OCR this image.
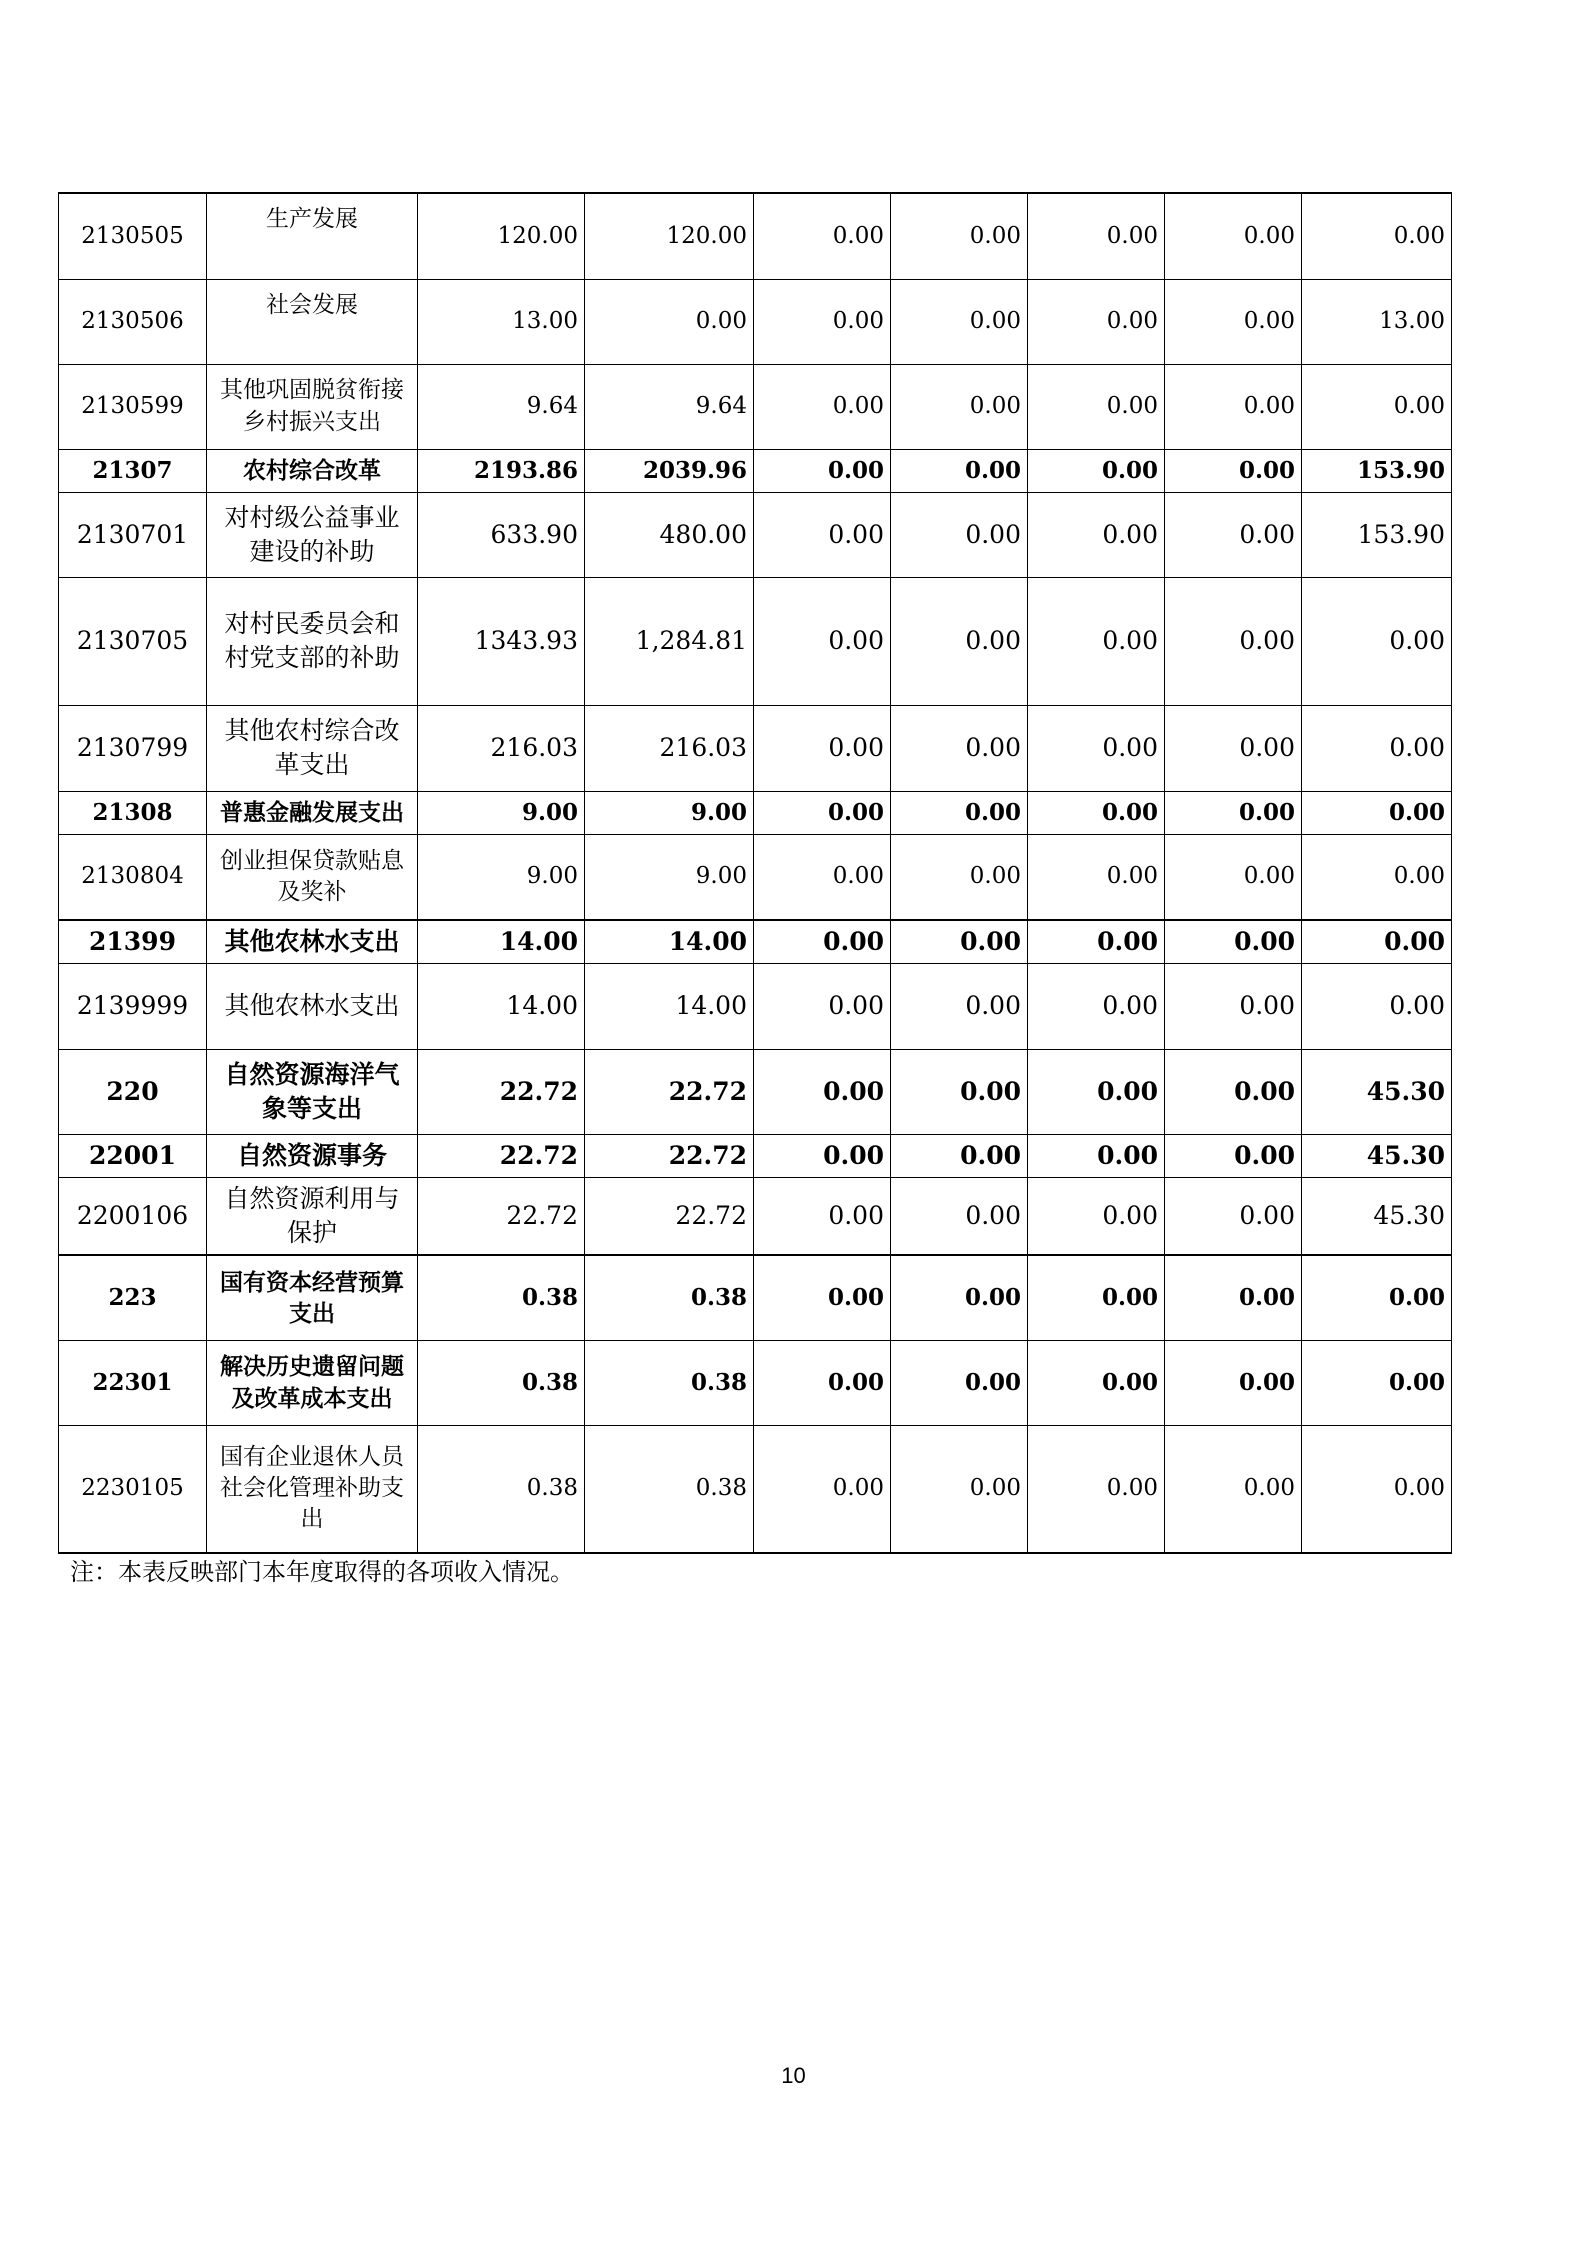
2130505	生产发展	120.00	120.00	0.00	0.00	0.00	0.00	0.00
2130506	社会发展	13.00	0.00	0.00	0.00	0.00	0.00	13.00
2130599	其他巩固脱贫衔接乡村振兴支出	9.64	9.64	0.00	0.00	0.00	0.00	0.00
21307	农村综合改革	2193.86	2039.96	0.00	0.00	0.00	0.00	153.90
2130701	对村级公益事业建设的补助	633.90	480.00	0.00	0.00	0.00	0.00	153.90
2130705	对村民委员会和村党支部的补助	1343.93	1,284.81	0.00	0.00	0.00	0.00	0.00
2130799	其他农村综合改革支出	216.03	216.03	0.00	0.00	0.00	0.00	0.00
21308	普惠金融发展支出	9.00	9.00	0.00	0.00	0.00	0.00	0.00
2130804	创业担保贷款贴息及奖补	9.00	9.00	0.00	0.00	0.00	0.00	0.00
21399	其他农林水支出	14.00	14.00	0.00	0.00	0.00	0.00	0.00
2139999	其他农林水支出	14.00	14.00	0.00	0.00	0.00	0.00	0.00
220	自然资源海洋气象等支出	22.72	22.72	0.00	0.00	0.00	0.00	45.30
22001	自然资源事务	22.72	22.72	0.00	0.00	0.00	0.00	45.30
2200106	自然资源利用与保护	22.72	22.72	0.00	0.00	0.00	0.00	45.30
223	国有资本经营预算支出	0.38	0.38	0.00	0.00	0.00	0.00	0.00
22301	解决历史遗留问题及改革成本支出	0.38	0.38	0.00	0.00	0.00	0.00	0.00
2230105	国有企业退休人员社会化管理补助支出	0.38	0.38	0.00	0.00	0.00	0.00	0.00

注：本表反映部门本年度取得的各项收入情况。

10
